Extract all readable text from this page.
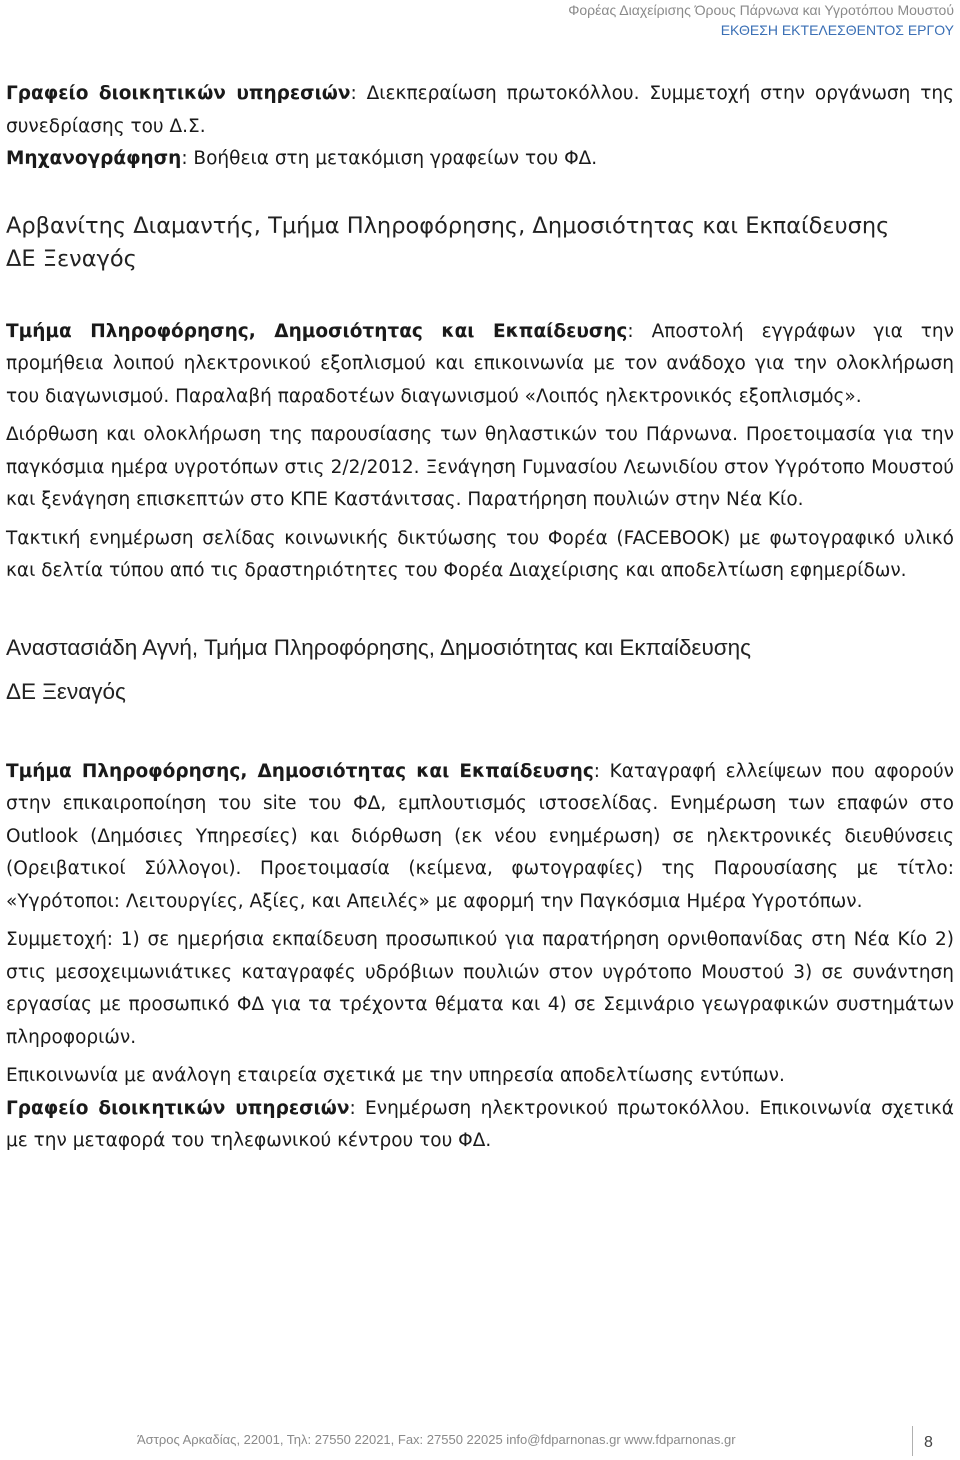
Φορέας Διαχείρισης Όρους Πάρνωνα και Υγροτόπου Μουστού
ΕΚΘΕΣΗ ΕΚΤΕΛΕΣΘΕΝΤΟΣ ΕΡΓΟΥ

Γραφείο διοικητικών υπηρεσιών: Διεκπεραίωση πρωτοκόλλου. Συμμετοχή στην οργάνωση της συνεδρίασης του Δ.Σ.

Μηχανογράφηση: Βοήθεια στη μετακόμιση γραφείων του ΦΔ.

Αρβανίτης Διαμαντής, Τμήμα Πληροφόρησης, Δημοσιότητας και Εκπαίδευσης
ΔΕ Ξεναγός

Τμήμα Πληροφόρησης, Δημοσιότητας και Εκπαίδευσης: Αποστολή εγγράφων για την προμήθεια λοιπού ηλεκτρονικού εξοπλισμού και επικοινωνία με τον ανάδοχο για την ολοκλήρωση του διαγωνισμού. Παραλαβή παραδοτέων διαγωνισμού «Λοιπός ηλεκτρονικός εξοπλισμός».

Διόρθωση και ολοκλήρωση της παρουσίασης των θηλαστικών του Πάρνωνα. Προετοιμασία για την παγκόσμια ημέρα υγροτόπων στις 2/2/2012. Ξενάγηση Γυμνασίου Λεωνιδίου στον Υγρότοπο Μουστού και ξενάγηση επισκεπτών στο ΚΠΕ Καστάνιτσας. Παρατήρηση πουλιών στην Νέα Κίο.

Τακτική ενημέρωση σελίδας κοινωνικής δικτύωσης του Φορέα (FACEBOOK) με φωτογραφικό υλικό και δελτία τύπου από τις δραστηριότητες του Φορέα Διαχείρισης και αποδελτίωση εφημερίδων.

Αναστασιάδη Αγνή, Τμήμα Πληροφόρησης, Δημοσιότητας και Εκπαίδευσης
ΔΕ Ξεναγός

Τμήμα Πληροφόρησης, Δημοσιότητας και Εκπαίδευσης: Καταγραφή ελλείψεων που αφορούν στην επικαιροποίηση του site του ΦΔ, εμπλουτισμός ιστοσελίδας. Ενημέρωση των επαφών στο Outlook (Δημόσιες Υπηρεσίες) και διόρθωση (εκ νέου ενημέρωση) σε ηλεκτρονικές διευθύνσεις (Ορειβατικοί Σύλλογοι). Προετοιμασία (κείμενα, φωτογραφίες) της Παρουσίασης με τίτλο: «Υγρότοποι: Λειτουργίες, Αξίες, και Απειλές» με αφορμή την Παγκόσμια Ημέρα Υγροτόπων.

Συμμετοχή: 1) σε ημερήσια εκπαίδευση προσωπικού για παρατήρηση ορνιθοπανίδας στη Νέα Κίο 2) στις μεσοχειμωνιάτικες καταγραφές υδρόβιων πουλιών στον υγρότοπο Μουστού 3) σε συνάντηση εργασίας με προσωπικό ΦΔ για τα τρέχοντα θέματα και 4) σε Σεμινάριο γεωγραφικών συστημάτων πληροφοριών.

Επικοινωνία με ανάλογη εταιρεία σχετικά με την υπηρεσία αποδελτίωσης εντύπων.

Γραφείο διοικητικών υπηρεσιών: Ενημέρωση ηλεκτρονικού πρωτοκόλλου. Επικοινωνία σχετικά με την μεταφορά του τηλεφωνικού κέντρου του ΦΔ.

Άστρος Αρκαδίας, 22001, Τηλ: 27550 22021, Fax: 27550 22025 info@fdparnonas.gr www.fdparnonas.gr	8
